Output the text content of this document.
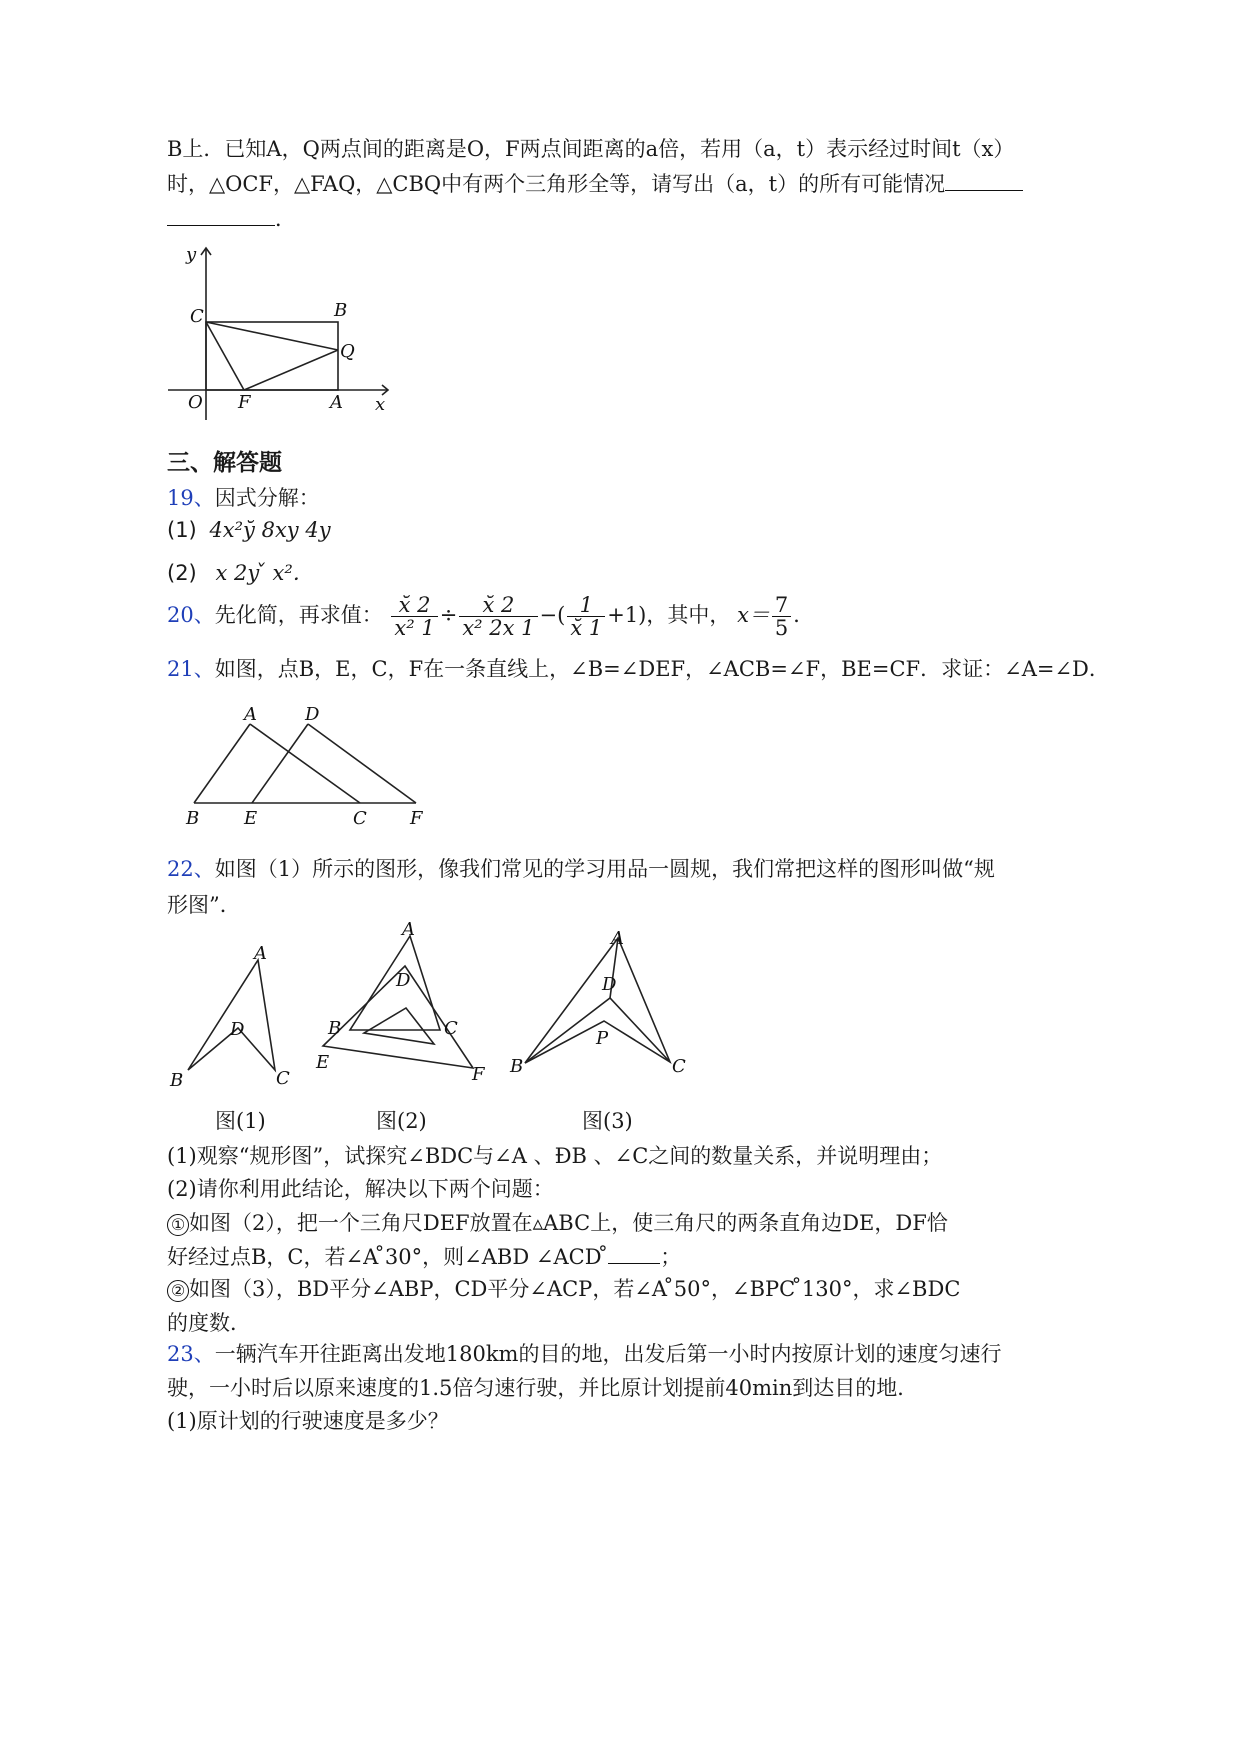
B上．已知A，Q两点间的距离是O，F两点间距离的a倍，若用（a，t）表示经过时间t（x）
时，△OCF，△FAQ，△CBQ中有两个三角形全等，请写出（a，t）的所有可能情况
．
y
x
O F	A
C	B
Q
三、解答题
19、因式分解：
(1) 4x²y̆ 8xy 4y
(2) x 2y ̌ x²．
20、先化简，再求值： $\frac{x̆ 2}{\text{x² 1}} \div \frac{x̆ 2}{\text{x² 2x 1}}$ −( $\frac{1}{x̆ 1} +1$)，其中， $x= \frac{7}{5}$ ．
21、如图，点B，E，C，F在一条直线上，∠B=∠DEF，∠ACB=∠F，BE=CF．求证：∠A=∠D．
A	D
B E	C F
22、如图（1）所示的图形，像我们常见的学习用品一圆规，我们常把这样的图形叫做“规
形图”．
A
D
B	C
A
D
B	C
E
F
A
D
P
B	C
图(1)	图(2)	图(3)
(1)观察“规形图”，试探究∠BDC与∠A 、ÐB 、∠C之间的数量关系，并说明理由；
(2)请你利用此结论，解决以下两个问题：
① 如图（2），把一个三角尺DEF放置在▵ABC上，使三角尺的两条直角边DE，DF恰
好经过点B，C，若∠A ̊30°，则∠ABD ∠ACD ̊ ；
② 如图（3），BD平分∠ABP，CD平分∠ACP，若∠A ̊50°，∠BPC ̊130°，求∠BDC
的度数．
23、一辆汽车开往距离出发地180km的目的地，出发后第一小时内按原计划的速度匀速行
驶，一小时后以原来速度的1.5倍匀速行驶，并比原计划提前40min到达目的地．
(1)原计划的行驶速度是多少？
